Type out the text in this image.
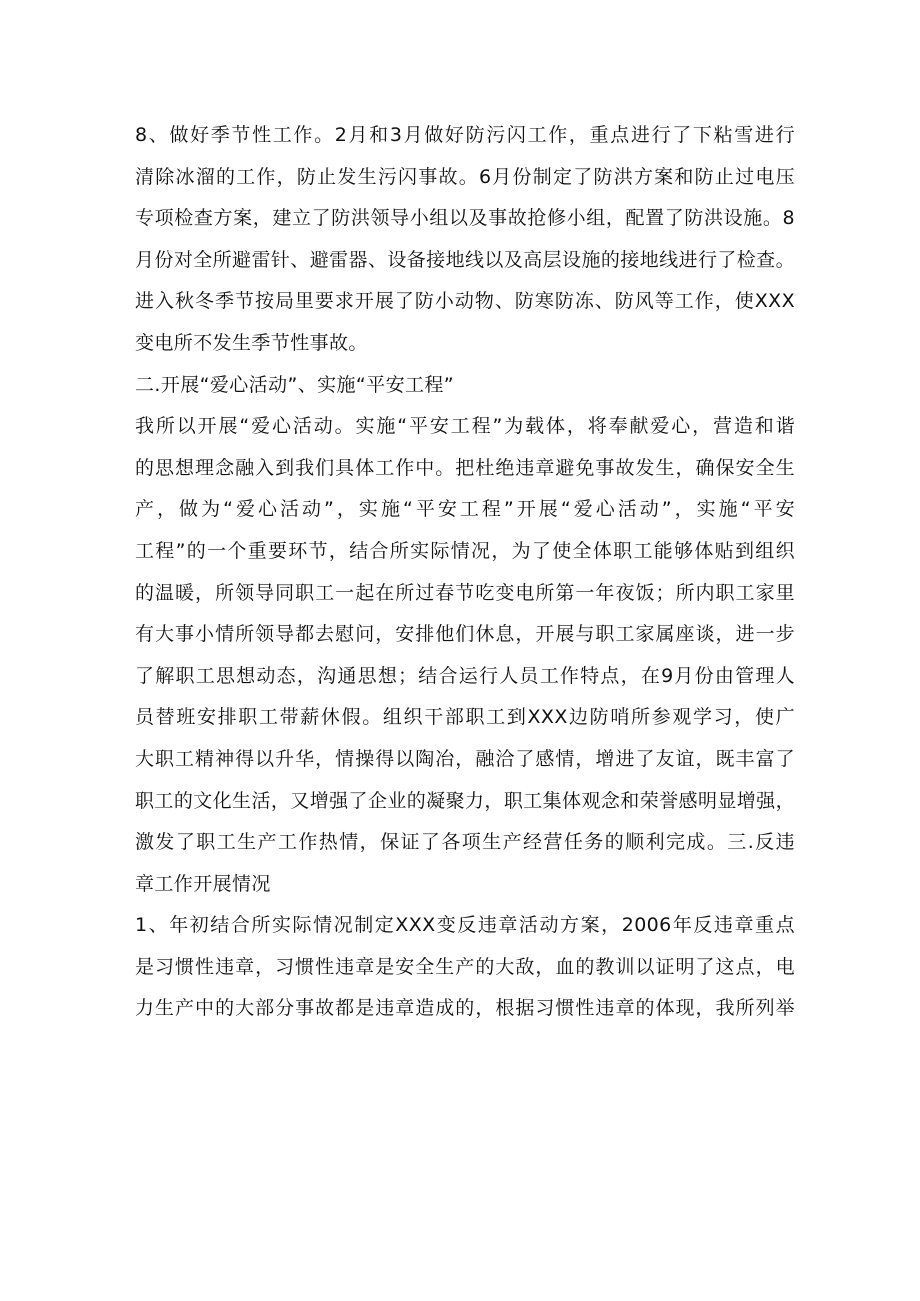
8、做好季节性工作。2月和3月做好防污闪工作，重点进行了下粘雪进行
清除冰溜的工作，防止发生污闪事故。6月份制定了防洪方案和防止过电压
专项检查方案，建立了防洪领导小组以及事故抢修小组，配置了防洪设施。8
月份对全所避雷针、避雷器、设备接地线以及高层设施的接地线进行了检查。
进入秋冬季节按局里要求开展了防小动物、防寒防冻、防风等工作，使XXX
变电所不发生季节性事故。
二.开展“爱心活动”、实施“平安工程”
我所以开展“爱心活动。实施“平安工程”为载体，将奉献爱心，营造和谐
的思想理念融入到我们具体工作中。把杜绝违章避免事故发生，确保安全生
产，做为“爱心活动”，实施“平安工程”开展“爱心活动”，实施“平安
工程”的一个重要环节，结合所实际情况，为了使全体职工能够体贴到组织
的温暖，所领导同职工一起在所过春节吃变电所第一年夜饭；所内职工家里
有大事小情所领导都去慰问，安排他们休息，开展与职工家属座谈，进一步
了解职工思想动态，沟通思想；结合运行人员工作特点，在9月份由管理人
员替班安排职工带薪休假。组织干部职工到XXX边防哨所参观学习，使广
大职工精神得以升华，情操得以陶冶，融洽了感情，增进了友谊，既丰富了
职工的文化生活，又增强了企业的凝聚力，职工集体观念和荣誉感明显增强，
激发了职工生产工作热情，保证了各项生产经营任务的顺利完成。三.反违
章工作开展情况
1、年初结合所实际情况制定XXX变反违章活动方案，2006年反违章重点
是习惯性违章，习惯性违章是安全生产的大敌，血的教训以证明了这点，电
力生产中的大部分事故都是违章造成的，根据习惯性违章的体现，我所列举
